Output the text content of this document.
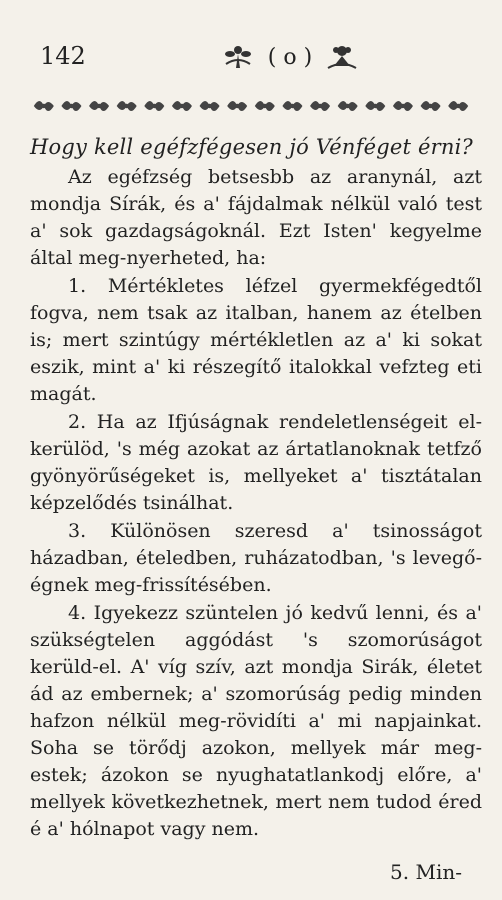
142	( o )
Hogy kell egéfzfégesen jó Vénféget érni?

Az egéfzség betsesbb az aranynál, azt mondja Sírák, és a' fájdalmak nélkül való test a' sok gazdagságoknál. Ezt Isten' kegyelme által meg-nyerheted, ha:

1. Mértékletes léfzel gyermekfégedtől fogva, nem tsak az italban, hanem az ételben is; mert szintúgy mértékletlen az a' ki sokat eszik, mint a' ki részegítő italokkal vefzteg eti magát.

2. Ha az Ifjúságnak rendeletlenségeit el-kerülöd, 's még azokat az ártatlanoknak tetfző gyönyörűségeket is, mellyeket a' tisztátalan képzelődés tsinálhat.

3. Különösen szeresd a' tsinosságot házadban, ételedben, ruházatodban, 's levegő-égnek meg-frissítésében.

4. Igyekezz szüntelen jó kedvű lenni, és a' szükségtelen aggódást 's szomorúságot kerüld-el. A' víg szív, azt mondja Sirák, életet ád az embernek; a' szomorúság pedig minden hafzon nélkül meg-rövidíti a' mi napjainkat. Soha se törődj azokon, mellyek már meg-estek; ázokon se nyughatatlankodj előre, a' mellyek következhetnek, mert nem tudod éred é a' hólnapot vagy nem.

5. Min-
